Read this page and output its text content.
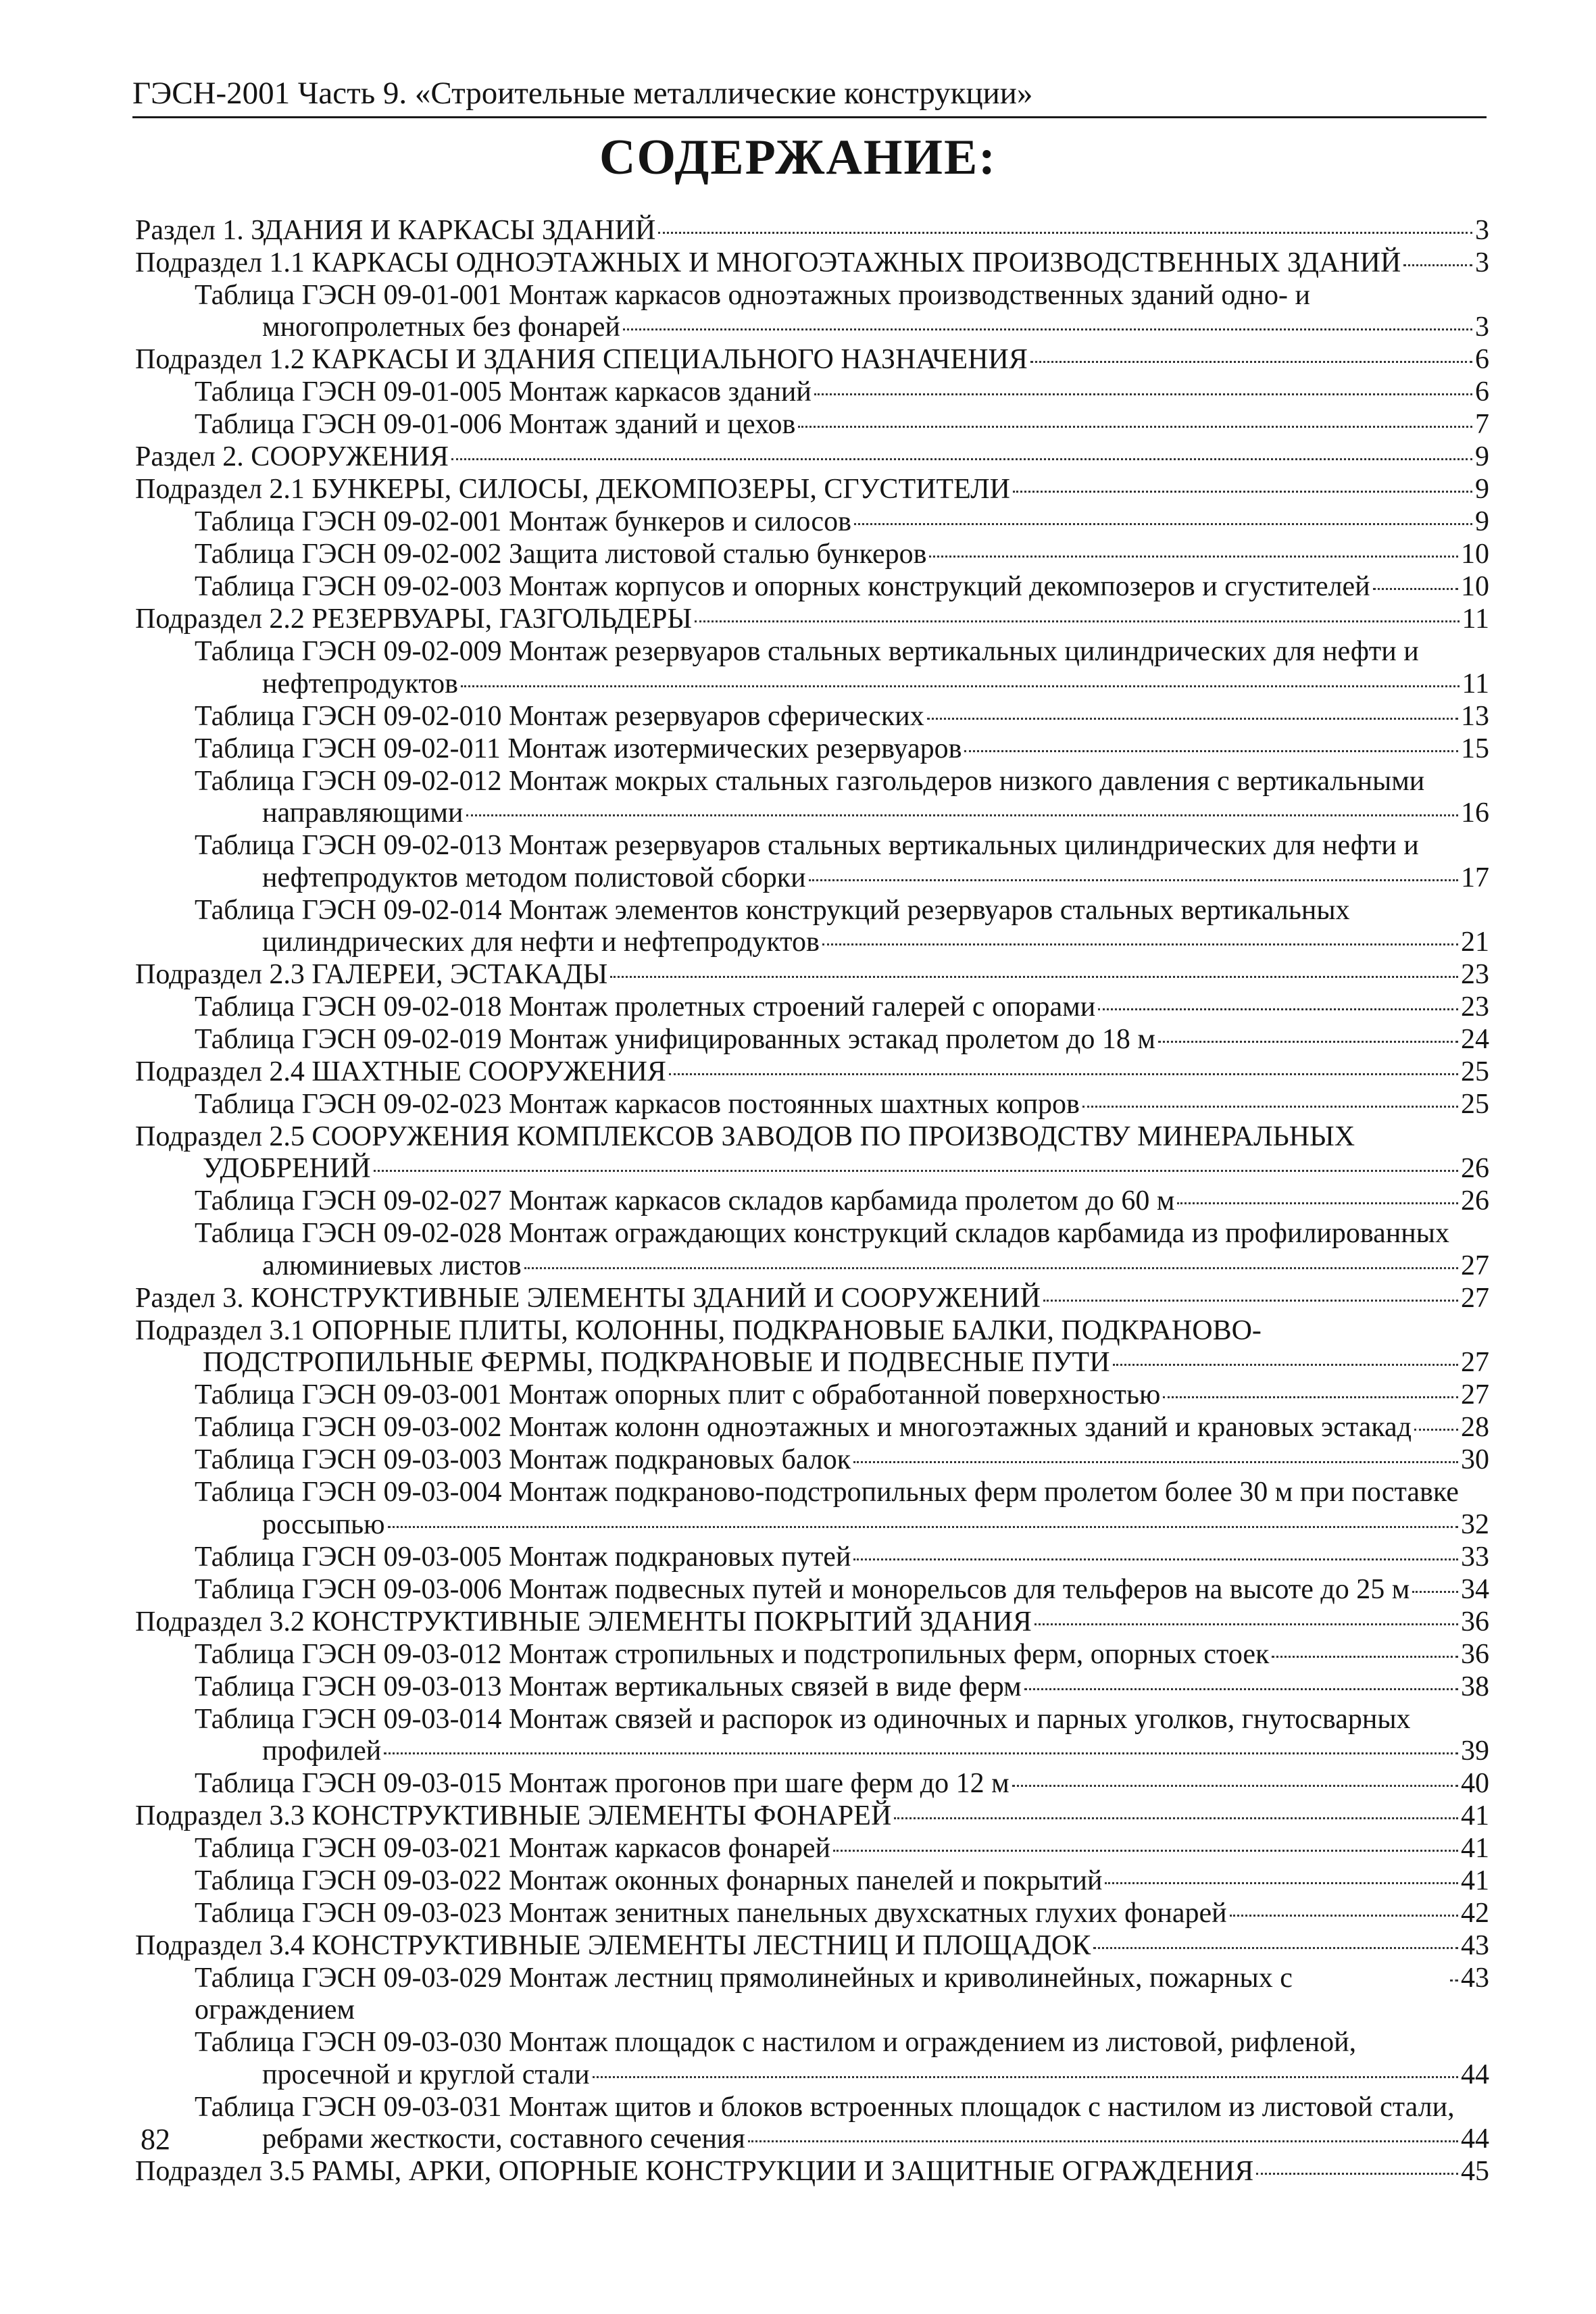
ГЭСН-2001 Часть 9. «Строительные металлические конструкции»
СОДЕРЖАНИЕ:
Раздел 1. ЗДАНИЯ И КАРКАСЫ ЗДАНИЙ	3
Подраздел 1.1 КАРКАСЫ ОДНОЭТАЖНЫХ И МНОГОЭТАЖНЫХ ПРОИЗВОДСТВЕННЫХ ЗДАНИЙ	3
Таблица ГЭСН 09-01-001 Монтаж каркасов одноэтажных производственных зданий одно- и
многопролетных без фонарей	3
Подраздел 1.2 КАРКАСЫ И ЗДАНИЯ СПЕЦИАЛЬНОГО НАЗНАЧЕНИЯ	6
Таблица ГЭСН 09-01-005 Монтаж каркасов зданий	6
Таблица ГЭСН 09-01-006 Монтаж зданий и цехов	7
Раздел 2. СООРУЖЕНИЯ	9
Подраздел 2.1 БУНКЕРЫ, СИЛОСЫ, ДЕКОМПОЗЕРЫ, СГУСТИТЕЛИ	9
Таблица ГЭСН 09-02-001 Монтаж бункеров и силосов	9
Таблица ГЭСН 09-02-002 Защита листовой сталью бункеров	10
Таблица ГЭСН 09-02-003 Монтаж корпусов и опорных конструкций декомпозеров и сгустителей	10
Подраздел 2.2 РЕЗЕРВУАРЫ, ГАЗГОЛЬДЕРЫ	11
Таблица ГЭСН 09-02-009 Монтаж резервуаров стальных вертикальных цилиндрических для нефти и
нефтепродуктов	11
Таблица ГЭСН 09-02-010 Монтаж резервуаров сферических	13
Таблица ГЭСН 09-02-011 Монтаж изотермических резервуаров	15
Таблица ГЭСН 09-02-012 Монтаж мокрых стальных газгольдеров низкого давления с вертикальными
направляющими	16
Таблица ГЭСН 09-02-013 Монтаж резервуаров стальных вертикальных цилиндрических для нефти и
нефтепродуктов методом полистовой сборки	17
Таблица ГЭСН 09-02-014 Монтаж элементов конструкций резервуаров стальных вертикальных
цилиндрических для нефти и нефтепродуктов	21
Подраздел 2.3 ГАЛЕРЕИ, ЭСТАКАДЫ	23
Таблица ГЭСН 09-02-018 Монтаж пролетных строений галерей с опорами	23
Таблица ГЭСН 09-02-019 Монтаж унифицированных эстакад пролетом до 18 м	24
Подраздел 2.4 ШАХТНЫЕ СООРУЖЕНИЯ	25
Таблица ГЭСН 09-02-023 Монтаж каркасов постоянных шахтных копров	25
Подраздел 2.5 СООРУЖЕНИЯ КОМПЛЕКСОВ ЗАВОДОВ ПО ПРОИЗВОДСТВУ МИНЕРАЛЬНЫХ
УДОБРЕНИЙ	26
Таблица ГЭСН 09-02-027 Монтаж каркасов складов карбамида пролетом до 60 м	26
Таблица ГЭСН 09-02-028 Монтаж ограждающих конструкций складов карбамида из профилированных
алюминиевых листов	27
Раздел 3. КОНСТРУКТИВНЫЕ ЭЛЕМЕНТЫ ЗДАНИЙ И СООРУЖЕНИЙ	27
Подраздел 3.1 ОПОРНЫЕ ПЛИТЫ, КОЛОННЫ, ПОДКРАНОВЫЕ БАЛКИ, ПОДКРАНОВО-
ПОДСТРОПИЛЬНЫЕ ФЕРМЫ, ПОДКРАНОВЫЕ И ПОДВЕСНЫЕ ПУТИ	27
Таблица ГЭСН 09-03-001 Монтаж опорных плит с обработанной поверхностью	27
Таблица ГЭСН 09-03-002 Монтаж колонн одноэтажных и многоэтажных зданий и крановых эстакад 28
Таблица ГЭСН 09-03-003 Монтаж подкрановых балок	30
Таблица ГЭСН 09-03-004 Монтаж подкраново-подстропильных ферм пролетом более 30 м при поставке
россыпью	32
Таблица ГЭСН 09-03-005 Монтаж подкрановых путей	33
Таблица ГЭСН 09-03-006 Монтаж подвесных путей и монорельсов для тельферов на высоте до 25 м 34
Подраздел 3.2 КОНСТРУКТИВНЫЕ ЭЛЕМЕНТЫ ПОКРЫТИЙ ЗДАНИЯ	36
Таблица ГЭСН 09-03-012 Монтаж стропильных и подстропильных ферм, опорных стоек	36
Таблица ГЭСН 09-03-013 Монтаж вертикальных связей в виде ферм	38
Таблица ГЭСН 09-03-014 Монтаж связей и распорок из одиночных и парных уголков, гнутосварных
профилей	39
Таблица ГЭСН 09-03-015 Монтаж прогонов при шаге ферм до 12 м	40
Подраздел 3.3 КОНСТРУКТИВНЫЕ ЭЛЕМЕНТЫ ФОНАРЕЙ	41
Таблица ГЭСН 09-03-021 Монтаж каркасов фонарей	41
Таблица ГЭСН 09-03-022 Монтаж оконных фонарных панелей и покрытий	41
Таблица ГЭСН 09-03-023 Монтаж зенитных панельных двухскатных глухих фонарей	42
Подраздел 3.4 КОНСТРУКТИВНЫЕ ЭЛЕМЕНТЫ ЛЕСТНИЦ И ПЛОЩАДОК	43
Таблица ГЭСН 09-03-029 Монтаж лестниц прямолинейных и криволинейных, пожарных с ограждением
43
Таблица ГЭСН 09-03-030 Монтаж площадок с настилом и ограждением из листовой, рифленой,
просечной и круглой стали	44
Таблица ГЭСН 09-03-031 Монтаж щитов и блоков встроенных площадок с настилом из листовой стали,
ребрами жесткости, составного сечения	44
Подраздел 3.5 РАМЫ, АРКИ, ОПОРНЫЕ КОНСТРУКЦИИ И ЗАЩИТНЫЕ ОГРАЖДЕНИЯ	45
82
